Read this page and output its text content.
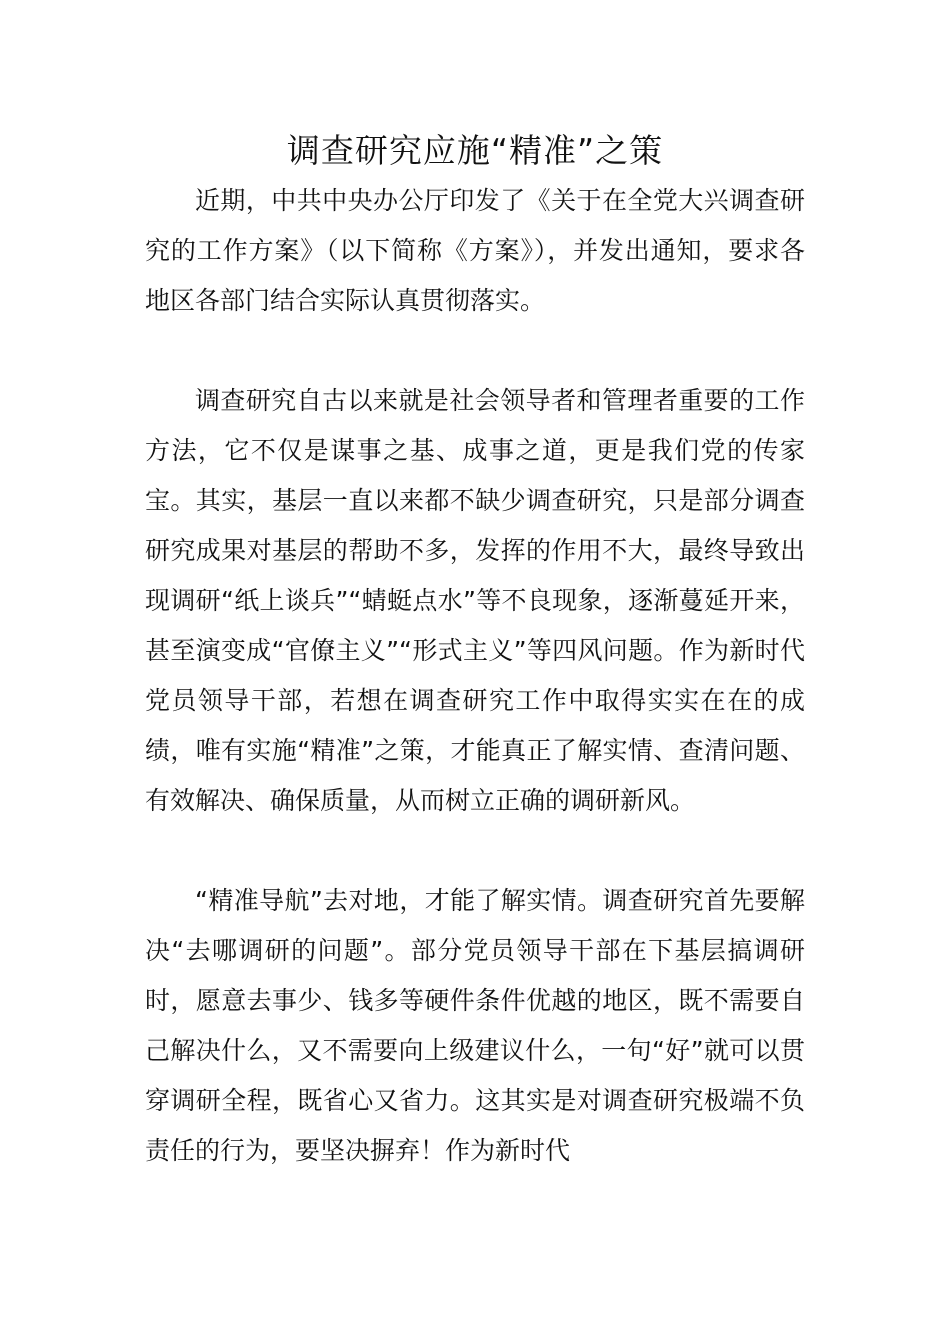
调查研究应施“精准”之策

近期，中共中央办公厅印发了《关于在全党大兴调查研究的工作方案》（以下简称《方案》），并发出通知，要求各地区各部门结合实际认真贯彻落实。

调查研究自古以来就是社会领导者和管理者重要的工作方法，它不仅是谋事之基、成事之道，更是我们党的传家宝。其实，基层一直以来都不缺少调查研究，只是部分调查研究成果对基层的帮助不多，发挥的作用不大，最终导致出现调研“纸上谈兵”“蜻蜓点水”等不良现象，逐渐蔓延开来，甚至演变成“官僚主义”“形式主义”等四风问题。作为新时代党员领导干部，若想在调查研究工作中取得实实在在的成绩，唯有实施“精准”之策，才能真正了解实情、查清问题、有效解决、确保质量，从而树立正确的调研新风。

“精准导航”去对地，才能了解实情。调查研究首先要解决“去哪调研的问题”。部分党员领导干部在下基层搞调研时，愿意去事少、钱多等硬件条件优越的地区，既不需要自己解决什么，又不需要向上级建议什么，一句“好”就可以贯穿调研全程，既省心又省力。这其实是对调查研究极端不负责任的行为，要坚决摒弃！作为新时代
